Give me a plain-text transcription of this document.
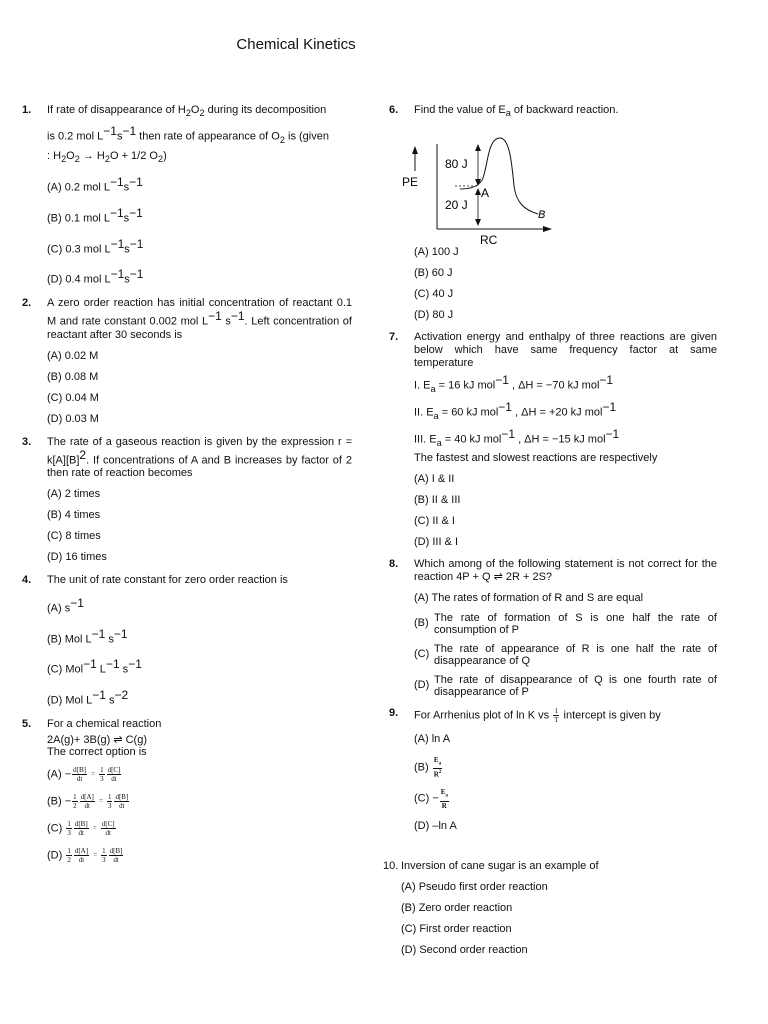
Chemical Kinetics
1. If rate of disappearance of $H_2O_2$ during its decomposition
is 0.2 mol $L^{-1}s^{-1}$ then rate of appearance of $O_2$ is (given
: $H_2O_2 \to H_2O + 1/2$ $O_2$)
(A) 0.2 mol $L^{-1}s^{-1}$
(B) 0.1 mol $L^{-1}s^{-1}$
(C) 0.3 mol $L^{-1}s^{-1}$
(D) 0.4 mol $L^{-1}s^{-1}$
2. A zero order reaction has initial concentration of reactant 0.1 M and rate constant 0.002 mol $L^{-1}$ $s^{-1}$. Left concentration of reactant after 30 seconds is
(A) 0.02 M
(B) 0.08 M
(C) 0.04 M
(D) 0.03 M
3. The rate of a gaseous reaction is given by the expression $r = k[A][B]^2$. If concentrations of A and B increases by factor of 2 then rate of reaction becomes
(A) 2 times
(B) 4 times
(C) 8 times
(D) 16 times
4. The unit of rate constant for zero order reaction is
(A) $s^{-1}$
(B) Mol $L^{-1}$ $s^{-1}$
(C) Mol$^{-1}$ $L^{-1}$ $s^{-1}$
(D) Mol $L^{-1}$ $s^{-2}$
5. For a chemical reaction
2A(g)+ 3B(g) ⇌ C(g)
The correct option is
$(A) - \frac{d[B]}{dt} = \frac{1}{3} \frac{d[C]}{dt}$
$(B) - \frac{1}{2} \frac{d[A]}{dt} = \frac{1}{3} \frac{d[B]}{dt}$
$(C) \frac{1}{3} \frac{d[B]}{dt} = \frac{d[C]}{dt}$
$(D) \frac{1}{2} \frac{d[A]}{dt} = \frac{1}{3} \frac{d[B]}{dt}$
6. Find the value of $E_a$ of backward reaction.
PE
RC
80 J
20 J
A
B
(A) 100 J
(B) 60 J
(C) 40 J
(D) 80 J
7. Activation energy and enthalpy of three reactions are given below which have same frequency factor at same temperature
I. $E_a = 16$ kJ mol$^{-1}$ , ΔH = −70 kJ mol$^{-1}$
II. $E_a = 60$ kJ mol$^{-1}$ , ΔH = +20 kJ mol$^{-1}$
III. $E_a = 40$ kJ mol$^{-1}$ , ΔH = −15 kJ mol$^{-1}$
The fastest and slowest reactions are respectively
(A) I & II
(B) II & III
(C) II & I
(D) III & I
8. Which among of the following statement is not correct for the reaction 4P + Q ⇌ 2R + 2S?
(A) The rates of formation of R and S are equal
(B) The rate of formation of S is one half the rate of consumption of P
(C) The rate of appearance of R is one half the rate of disappearance of Q
(D) The rate of disappearance of Q is one fourth rate of disappearance of P
9. For Arrhenius plot of ln K vs $\frac{1}{T}$ intercept is given by
(A) ln A
$(B) \frac{E_a}{R^2}$
$(C) - \frac{E_a}{R}$
(D) –ln A
10. Inversion of cane sugar is an example of
(A) Pseudo first order reaction
(B) Zero order reaction
(C) First order reaction
(D) Second order reaction
